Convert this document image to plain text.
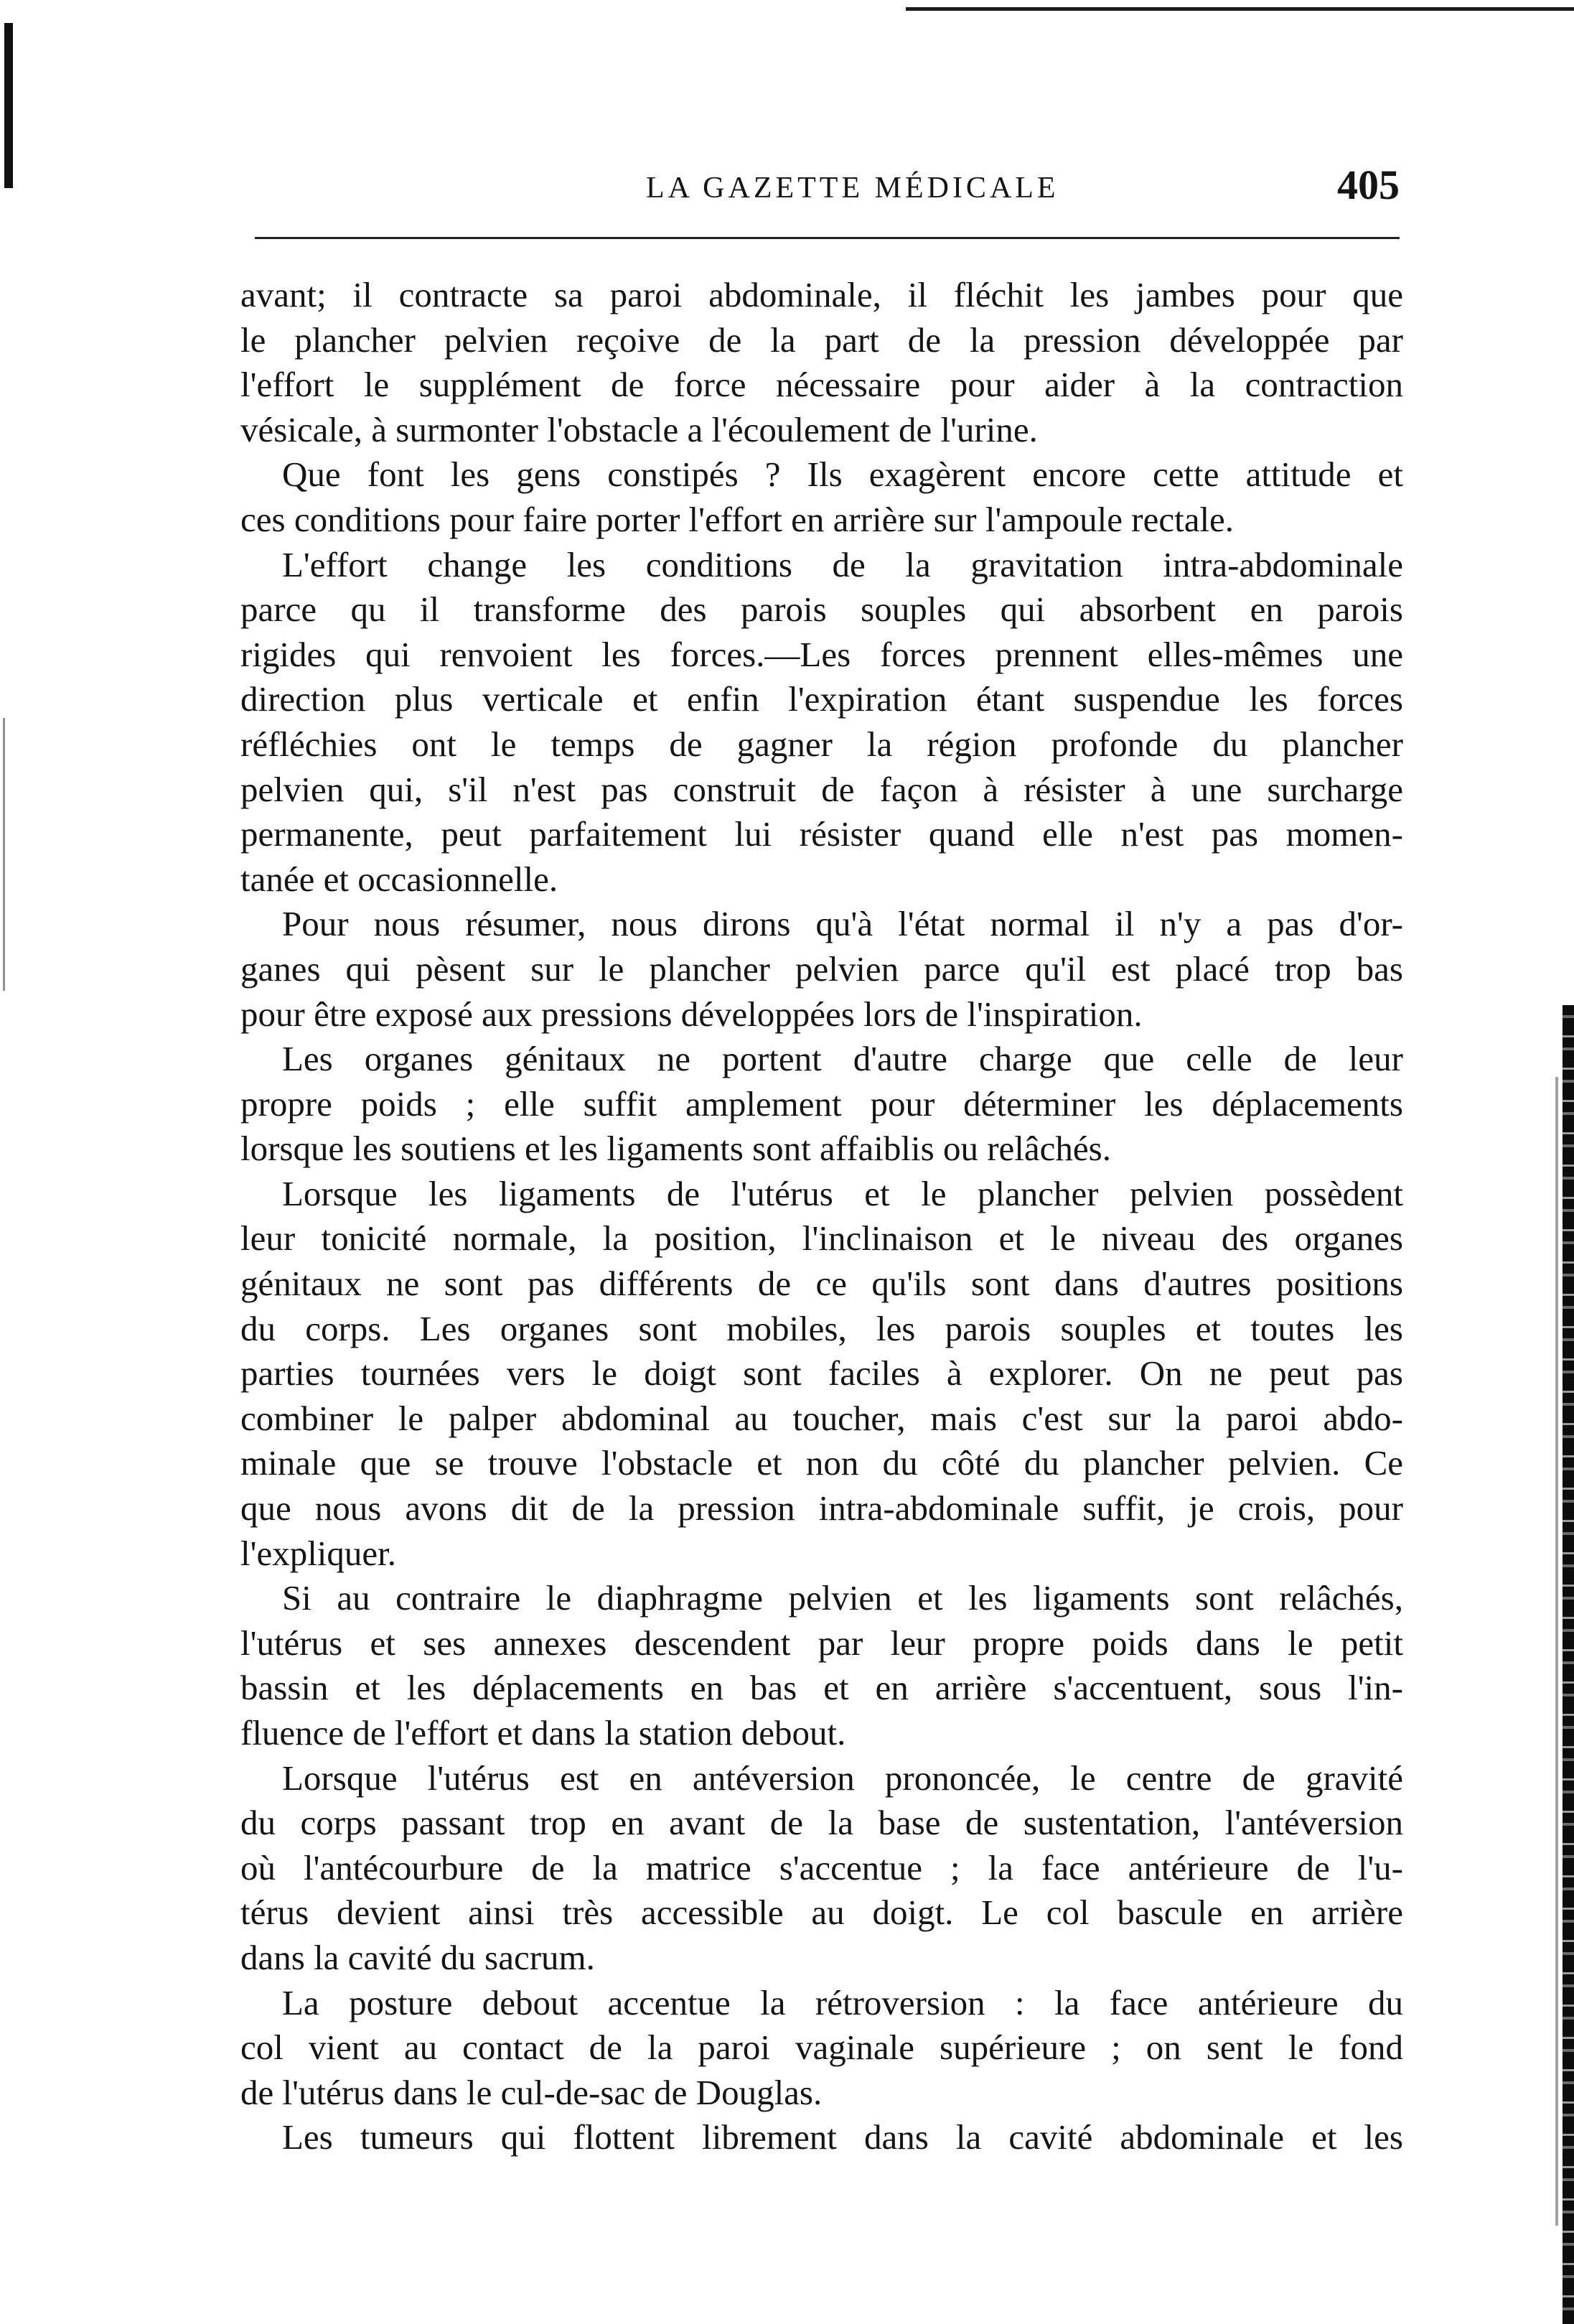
LA GAZETTE MÉDICALE	405
avant; il contracte sa paroi abdominale, il fléchit les jambes pour que
le plancher pelvien reçoive de la part de la pression développée par
l'effort le supplément de force nécessaire pour aider à la contraction
vésicale, à surmonter l'obstacle a l'écoulement de l'urine.
Que font les gens constipés ? Ils exagèrent encore cette attitude et
ces conditions pour faire porter l'effort en arrière sur l'ampoule rectale.
L'effort change les conditions de la gravitation intra-abdominale
parce qu il transforme des parois souples qui absorbent en parois
rigides qui renvoient les forces.—Les forces prennent elles-mêmes une
direction plus verticale et enfin l'expiration étant suspendue les forces
réfléchies ont le temps de gagner la région profonde du plancher
pelvien qui, s'il n'est pas construit de façon à résister à une surcharge
permanente, peut parfaitement lui résister quand elle n'est pas momen-
tanée et occasionnelle.
Pour nous résumer, nous dirons qu'à l'état normal il n'y a pas d'or-
ganes qui pèsent sur le plancher pelvien parce qu'il est placé trop bas
pour être exposé aux pressions développées lors de l'inspiration.
Les organes génitaux ne portent d'autre charge que celle de leur
propre poids ; elle suffit amplement pour déterminer les déplacements
lorsque les soutiens et les ligaments sont affaiblis ou relâchés.
Lorsque les ligaments de l'utérus et le plancher pelvien possèdent
leur tonicité normale, la position, l'inclinaison et le niveau des organes
génitaux ne sont pas différents de ce qu'ils sont dans d'autres positions
du corps. Les organes sont mobiles, les parois souples et toutes les
parties tournées vers le doigt sont faciles à explorer. On ne peut pas
combiner le palper abdominal au toucher, mais c'est sur la paroi abdo-
minale que se trouve l'obstacle et non du côté du plancher pelvien. Ce
que nous avons dit de la pression intra-abdominale suffit, je crois, pour
l'expliquer.
Si au contraire le diaphragme pelvien et les ligaments sont relâchés,
l'utérus et ses annexes descendent par leur propre poids dans le petit
bassin et les déplacements en bas et en arrière s'accentuent, sous l'in-
fluence de l'effort et dans la station debout.
Lorsque l'utérus est en antéversion prononcée, le centre de gravité
du corps passant trop en avant de la base de sustentation, l'antéversion
où l'antécourbure de la matrice s'accentue ; la face antérieure de l'u-
térus devient ainsi très accessible au doigt. Le col bascule en arrière
dans la cavité du sacrum.
La posture debout accentue la rétroversion : la face antérieure du
col vient au contact de la paroi vaginale supérieure ; on sent le fond
de l'utérus dans le cul-de-sac de Douglas.
Les tumeurs qui flottent librement dans la cavité abdominale et les
